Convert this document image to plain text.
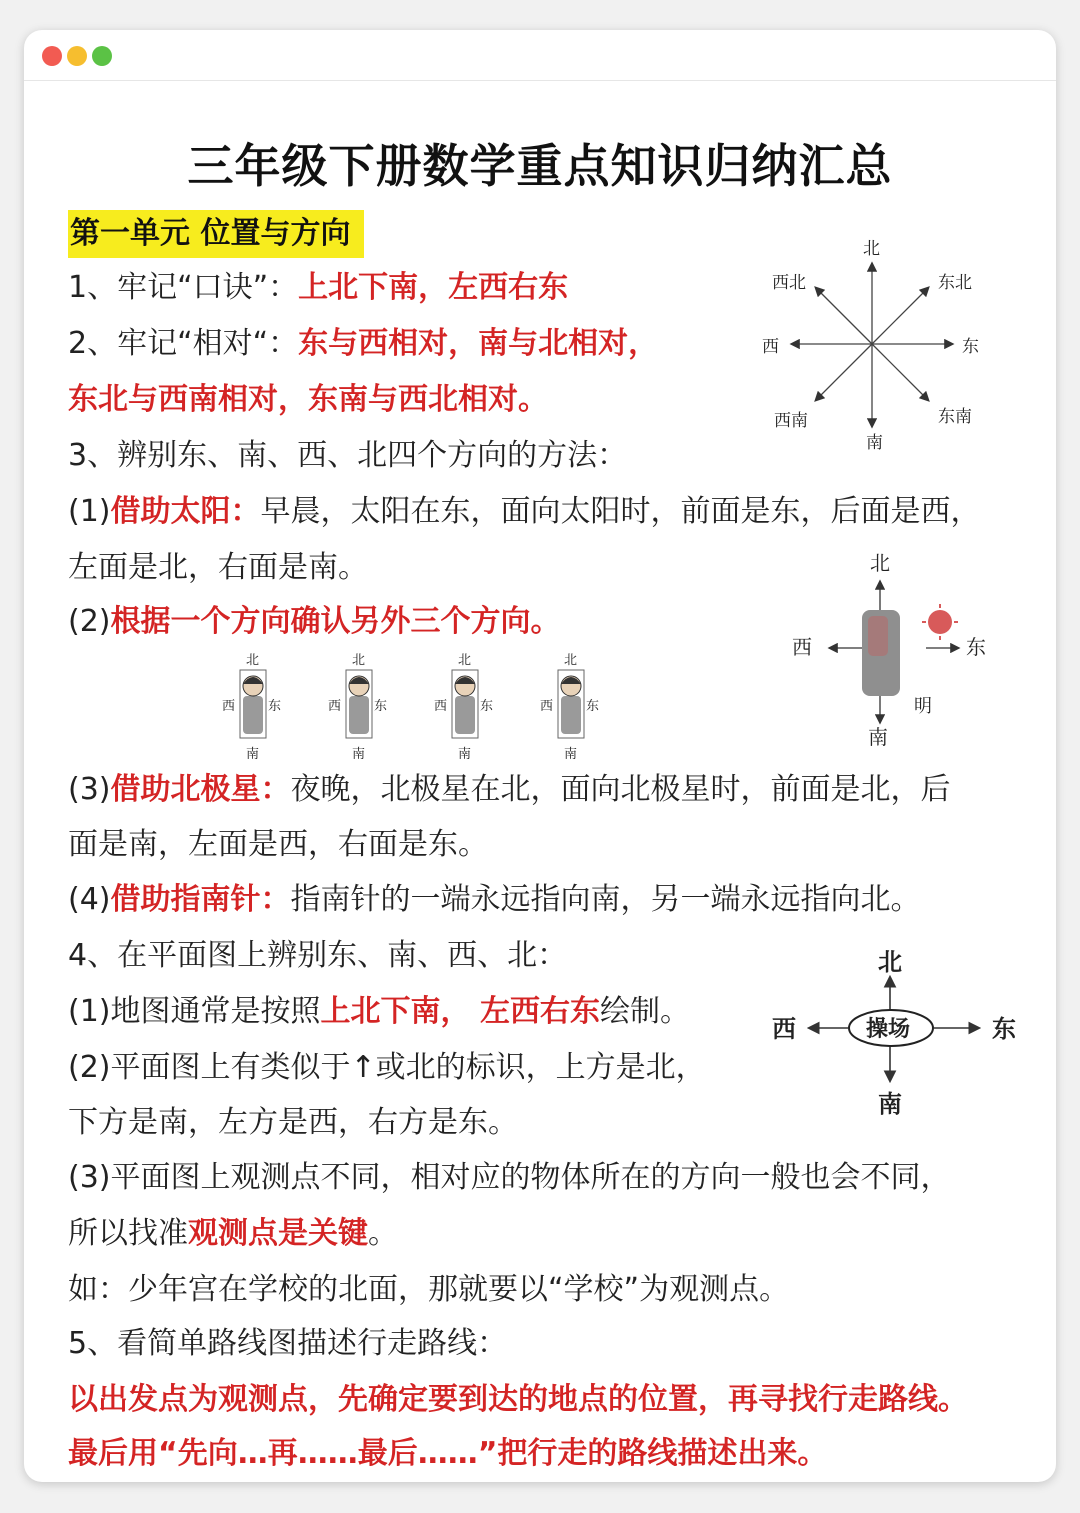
三年级下册数学重点知识归纳汇总
第一单元 位置与方向
1、牢记“口诀”：上北下南，左西右东
2、牢记“相对“：东与西相对，南与北相对，
东北与西南相对，东南与西北相对。
3、辨别东、南、西、北四个方向的方法：
(1)借助太阳：早晨，太阳在东，面向太阳时，前面是东，后面是西，
左面是北，右面是南。
(2)根据一个方向确认另外三个方向。
(3)借助北极星：夜晚，北极星在北，面向北极星时，前面是北，后
面是南，左面是西，右面是东。
(4)借助指南针：指南针的一端永远指向南，另一端永远指向北。
4、在平面图上辨别东、南、西、北：
(1)地图通常是按照上北下南， 左西右东绘制。
(2)平面图上有类似于↑或北的标识，上方是北，
下方是南，左方是西，右方是东。
(3)平面图上观测点不同，相对应的物体所在的方向一般也会不同，
所以找准观测点是关键。
如：少年宫在学校的北面，那就要以“学校”为观测点。
5、看简单路线图描述行走路线：
以出发点为观测点，先确定要到达的地点的位置，再寻找行走路线。
最后用“先向…再……最后……”把行走的路线描述出来。
北
东北
东
东南
南
西南
西
西北
北
南
西	东
北
南
西	东
北
南
西	东
北
南
西	东
北
南
西	东
明
操场
北
南
西	东
